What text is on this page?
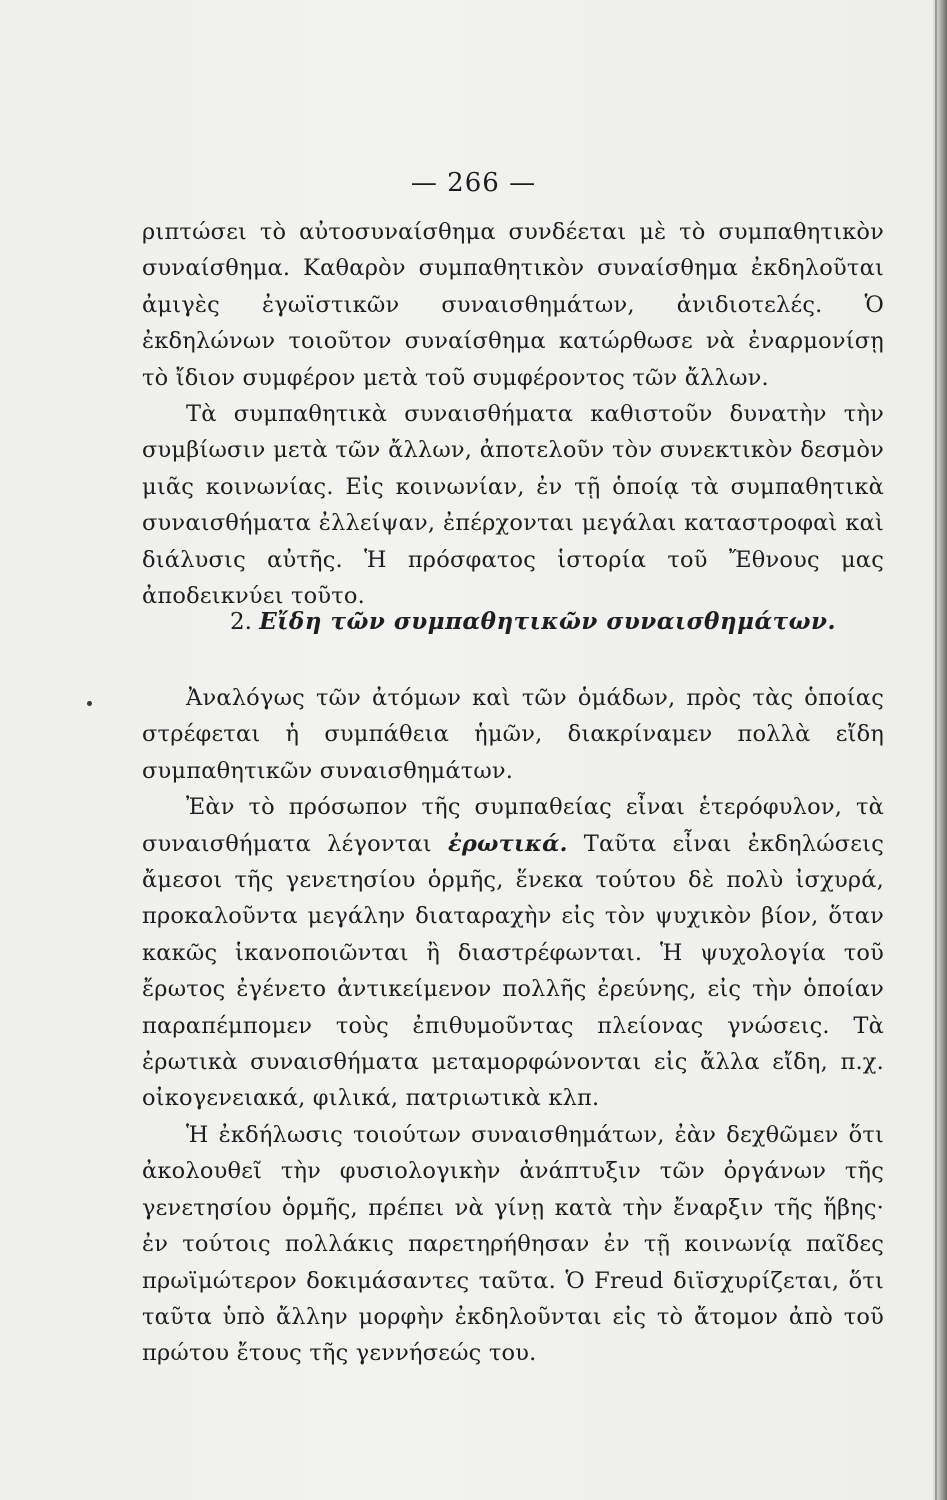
— 266 —

ριπτώσει τὸ αὐτοσυναίσθημα συνδέεται μὲ τὸ συμπαθητικὸν συναίσθημα. Καθαρὸν συμπαθητικὸν συναίσθημα ἐκδηλοῦται ἀμιγὲς ἐγωϊστικῶν συναισθημάτων, ἀνιδιοτελές. Ὁ ἐκδηλώνων τοιοῦτον συναίσθημα κατώρθωσε νὰ ἐναρμονίσῃ τὸ ἴδιον συμφέρον μετὰ τοῦ συμφέροντος τῶν ἄλλων.

Τὰ συμπαθητικὰ συναισθήματα καθιστοῦν δυνατὴν τὴν συμβίωσιν μετὰ τῶν ἄλλων, ἀποτελοῦν τὸν συνεκτικὸν δεσμὸν μιᾶς κοινωνίας. Εἰς κοινωνίαν, ἐν τῇ ὁποίᾳ τὰ συμπαθητικὰ συναισθήματα ἐλλείψαν, ἐπέρχονται μεγάλαι καταστροφαὶ καὶ διάλυσις αὐτῆς. Ἡ πρόσφατος ἱστορία τοῦ Ἔθνους μας ἀποδεικνύει τοῦτο.

2. Εἴδη τῶν συμπαθητικῶν συναισθημάτων.

Ἀναλόγως τῶν ἀτόμων καὶ τῶν ὁμάδων, πρὸς τὰς ὁποίας στρέφεται ἡ συμπάθεια ἡμῶν, διακρίναμεν πολλὰ εἴδη συμπαθητικῶν συναισθημάτων.

Ἐὰν τὸ πρόσωπον τῆς συμπαθείας εἶναι ἑτερόφυλον, τὰ συναισθήματα λέγονται ἐρωτικά. Ταῦτα εἶναι ἐκδηλώσεις ἄμεσοι τῆς γενετησίου ὁρμῆς, ἕνεκα τούτου δὲ πολὺ ἰσχυρά, προκαλοῦντα μεγάλην διαταραχὴν εἰς τὸν ψυχικὸν βίον, ὅταν κακῶς ἱκανοποιῶνται ἢ διαστρέφωνται. Ἡ ψυχολογία τοῦ ἔρωτος ἐγένετο ἀντικείμενον πολλῆς ἐρεύνης, εἰς τὴν ὁποίαν παραπέμπομεν τοὺς ἐπιθυμοῦντας πλείονας γνώσεις. Τὰ ἐρωτικὰ συναισθήματα μεταμορφώνονται εἰς ἄλλα εἴδη, π.χ. οἰκογενειακά, φιλικά, πατριωτικὰ κλπ.

Ἡ ἐκδήλωσις τοιούτων συναισθημάτων, ἐὰν δεχθῶμεν ὅτι ἀκολουθεῖ τὴν φυσιολογικὴν ἀνάπτυξιν τῶν ὀργάνων τῆς γενετησίου ὁρμῆς, πρέπει νὰ γίνῃ κατὰ τὴν ἔναρξιν τῆς ἥβης· ἐν τούτοις πολλάκις παρετηρήθησαν ἐν τῇ κοινωνίᾳ παῖδες πρωϊμώτερον δοκιμάσαντες ταῦτα. Ὁ Freud διϊσχυρίζεται, ὅτι ταῦτα ὑπὸ ἄλλην μορφὴν ἐκδηλοῦνται εἰς τὸ ἄτομον ἀπὸ τοῦ πρώτου ἔτους τῆς γεννήσεώς του.
